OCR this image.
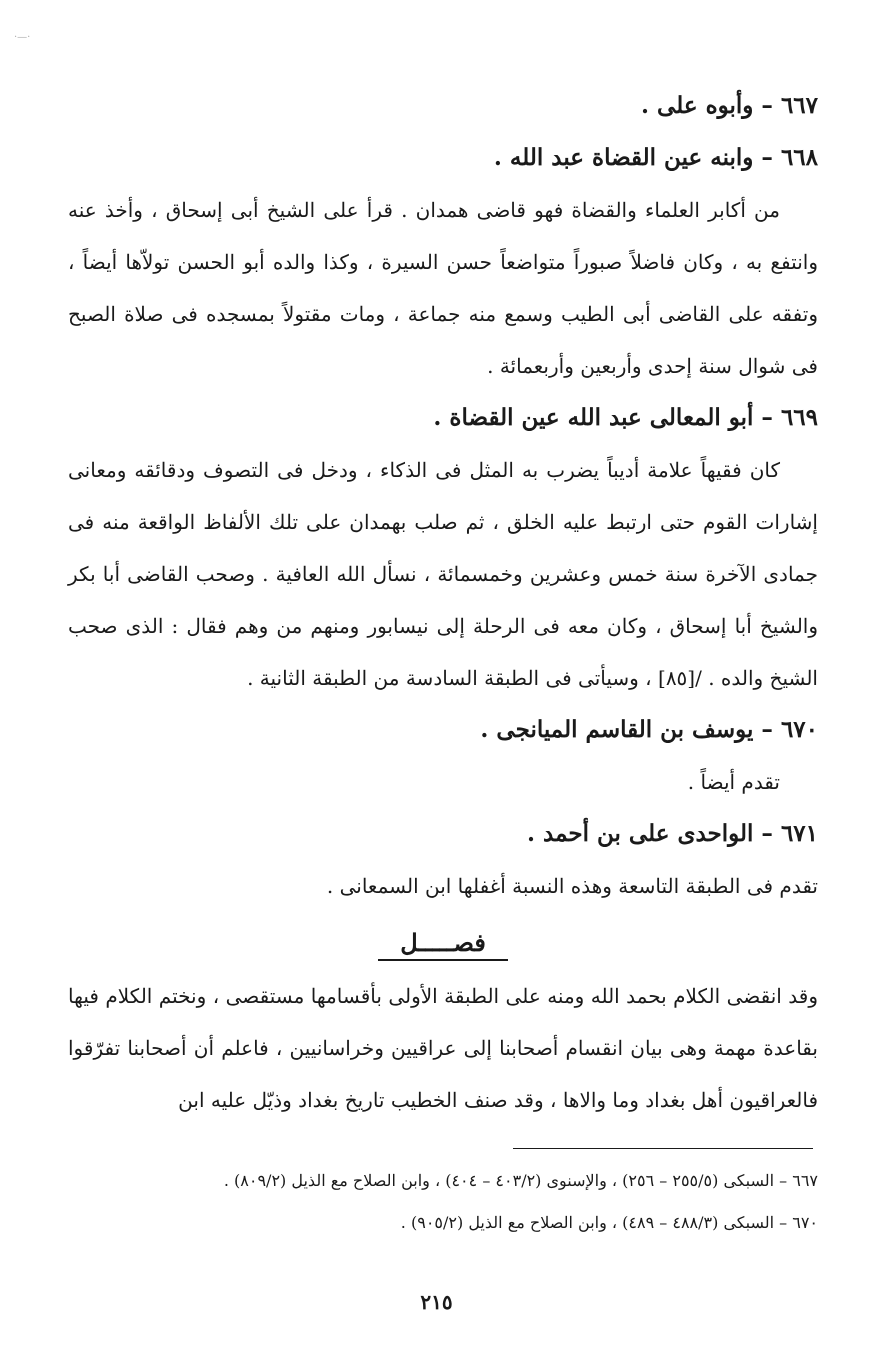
·—·

٦٦٧ – وأبوه على .

٦٦٨ – وابنه عين القضاة عبد الله .

من أكابر العلماء والقضاة فهو قاضى همدان . قرأ على الشيخ أبى إسحاق ، وأخذ عنه وانتفع به ، وكان فاضلاً صبوراً متواضعاً حسن السيرة ، وكذا والده أبو الحسن تولاّها أيضاً ، وتفقه على القاضى أبى الطيب وسمع منه جماعة ، ومات مقتولاً بمسجده فى صلاة الصبح فى شوال سنة إحدى وأربعين وأربعمائة .

٦٦٩ – أبو المعالى عبد الله عين القضاة .

كان فقيهاً علامة أديباً يضرب به المثل فى الذكاء ، ودخل فى التصوف ودقائقه ومعانى إشارات القوم حتى ارتبط عليه الخلق ، ثم صلب بهمدان على تلك الألفاظ الواقعة منه فى جمادى الآخرة سنة خمس وعشرين وخمسمائة ، نسأل الله العافية . وصحب القاضى أبا بكر والشيخ أبا إسحاق ، وكان معه فى الرحلة إلى نيسابور ومنهم من وهم فقال : الذى صحب الشيخ والده . /[٨٥] ، وسيأتى فى الطبقة السادسة من الطبقة الثانية .

٦٧٠ – يوسف بن القاسم الميانجى .

تقدم أيضاً .

٦٧١ – الواحدى على بن أحمد .

تقدم فى الطبقة التاسعة وهذه النسبة أغفلها ابن السمعانى .

فصـــــل

وقد انقضى الكلام بحمد الله ومنه على الطبقة الأولى بأقسامها مستقصى ، ونختم الكلام فيها بقاعدة مهمة وهى بيان انقسام أصحابنا إلى عراقيين وخراسانيين ، فاعلم أن أصحابنا تفرّقوا فالعراقيون أهل بغداد وما والاها ، وقد صنف الخطيب تاريخ بغداد وذيّل عليه ابن

٦٦٧ – السبكى (٢٥٥/٥ – ٢٥٦) ، والإسنوى (٤٠٣/٢ – ٤٠٤) ، وابن الصلاح مع الذيل (٨٠٩/٢) .

٦٧٠ – السبكى (٤٨٨/٣ – ٤٨٩) ، وابن الصلاح مع الذيل (٩٠٥/٢) .

٢١٥
